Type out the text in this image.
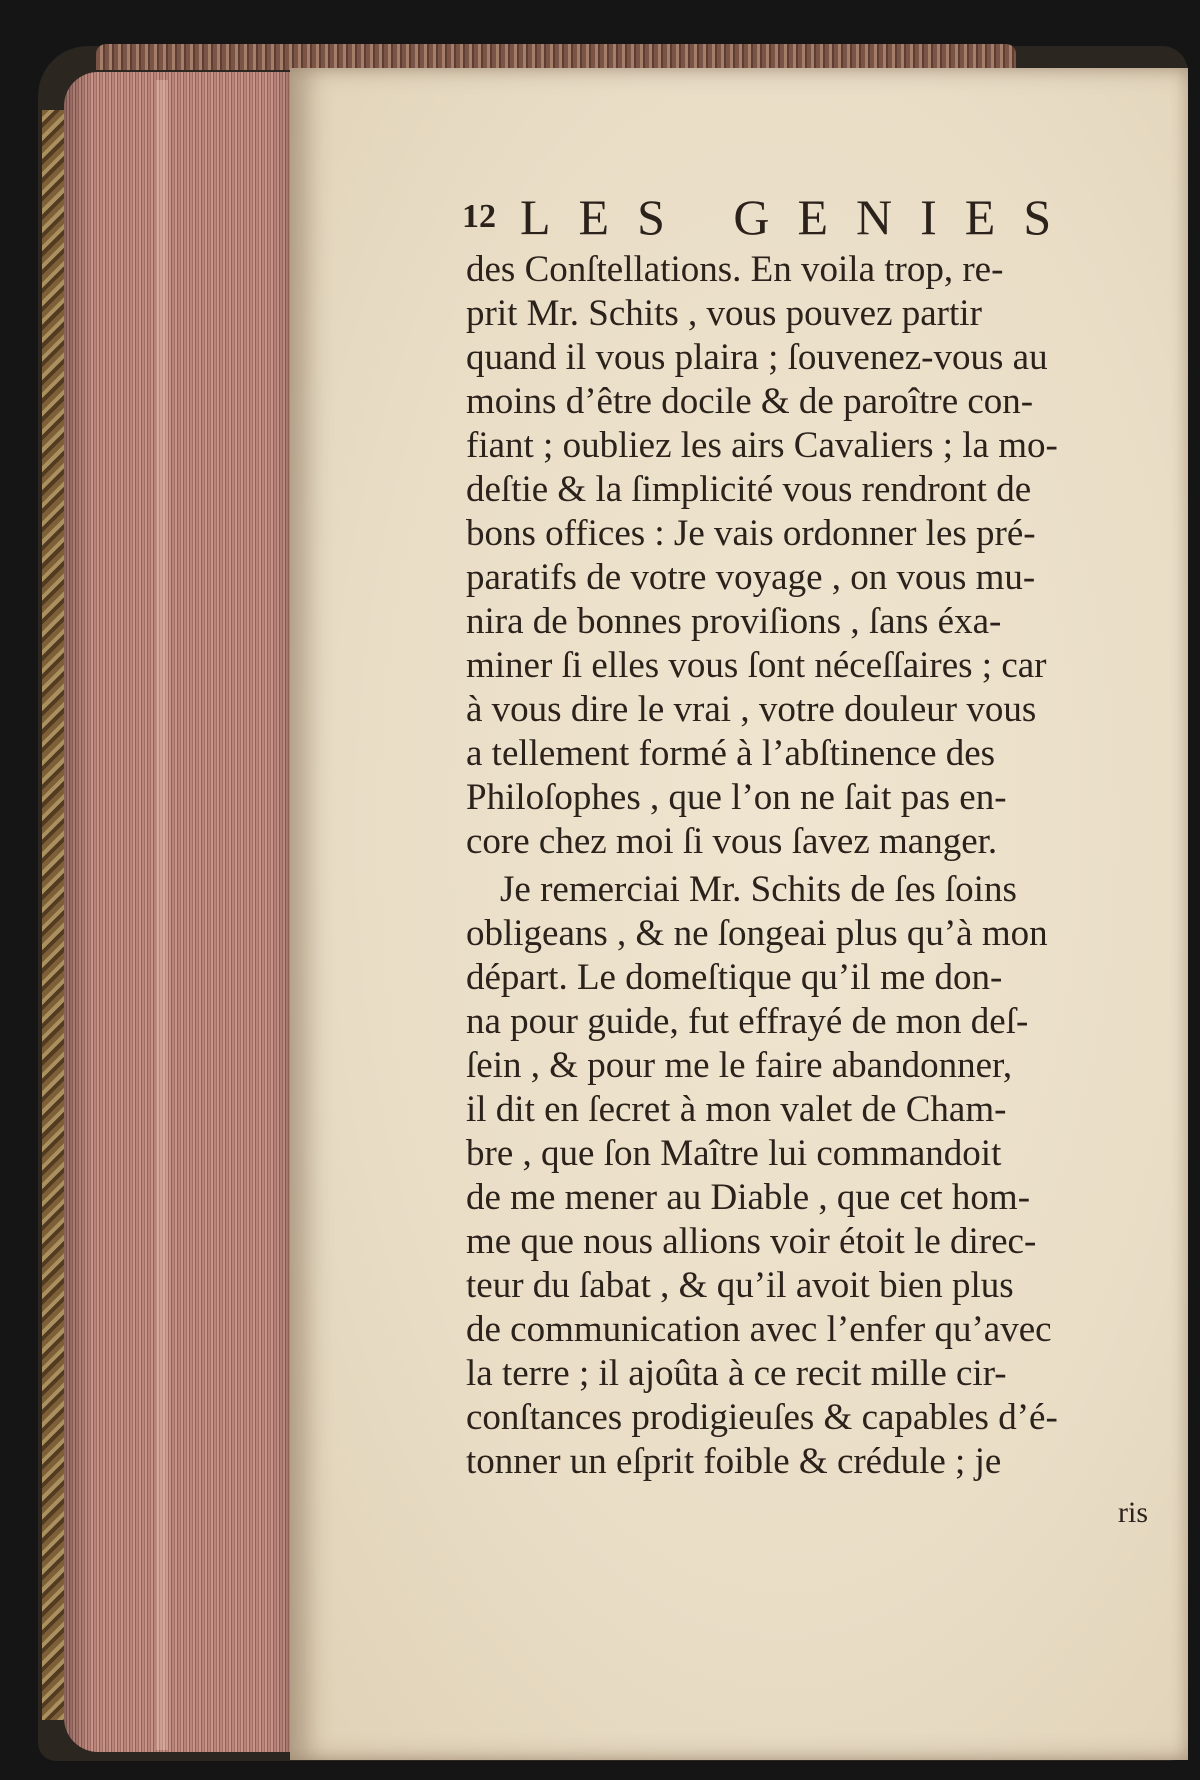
12 LES GENIES
des Conſtellations. En voila trop, re-
prit Mr. Schits , vous pouvez partir
quand il vous plaira ; ſouvenez-vous au
moins d’être docile & de paroître con-
fiant ; oubliez les airs Cavaliers ; la mo-
deſtie & la ſimplicité vous rendront de
bons offices : Je vais ordonner les pré-
paratifs de votre voyage , on vous mu-
nira de bonnes proviſions , ſans éxa-
miner ſi elles vous ſont néceſſaires ; car
à vous dire le vrai , votre douleur vous
a tellement formé à l’abſtinence des
Philoſophes , que l’on ne ſait pas en-
core chez moi ſi vous ſavez manger.
Je remerciai Mr. Schits de ſes ſoins
obligeans , & ne ſongeai plus qu’à mon
départ. Le domeſtique qu’il me don-
na pour guide, fut effrayé de mon deſ-
ſein , & pour me le faire abandonner,
il dit en ſecret à mon valet de Cham-
bre , que ſon Maître lui commandoit
de me mener au Diable , que cet hom-
me que nous allions voir étoit le direc-
teur du ſabat , & qu’il avoit bien plus
de communication avec l’enfer qu’avec
la terre ; il ajoûta à ce recit mille cir-
conſtances prodigieuſes & capables d’é-
tonner un eſprit foible & crédule ; je
ris
